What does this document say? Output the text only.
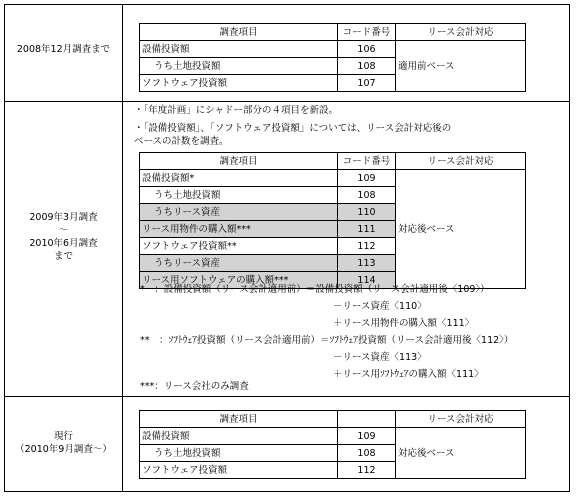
2008年12月調査まで
調査項目	コード番号	リース会計対応
設備投資額	106	適用前ベース
うち土地投資額	108	
ソフトウェア投資額	107	
2009年3月調査
～
2010年6月調査
まで
・「年度計画」にシャドー部分の４項目を新設。
・「設備投資額」、「ソフトウェア投資額」については、リース会計対応後の
ベースの計数を調査。
調査項目	コード番号	リース会計対応
設備投資額*	109	対応後ベース
うち土地投資額	108	
うちリース資産	110	
リース用物件の購入額***	111	
ソフトウェア投資額**	112	
うちリース資産	113	
リース用ソフトウェアの購入額***	114	
*　：設備投資額（リース会計適用前）＝設備投資額（リース会計適用後〈109〉）
－リース資産〈110〉
＋リース用物件の購入額〈111〉
**　：ｿﾌﾄｳｪｱ投資額（リース会計適用前）＝ｿﾌﾄｳｪｱ投資額（リース会計適用後〈112〉）
－リース資産〈113〉
＋リース用ｿﾌﾄｳｪｱの購入額〈111〉
***：リース会社のみ調査
現行
（2010年9月調査～）
調査項目		リース会計対応
設備投資額	109	対応後ベース
うち土地投資額	108	
ソフトウェア投資額	112	
